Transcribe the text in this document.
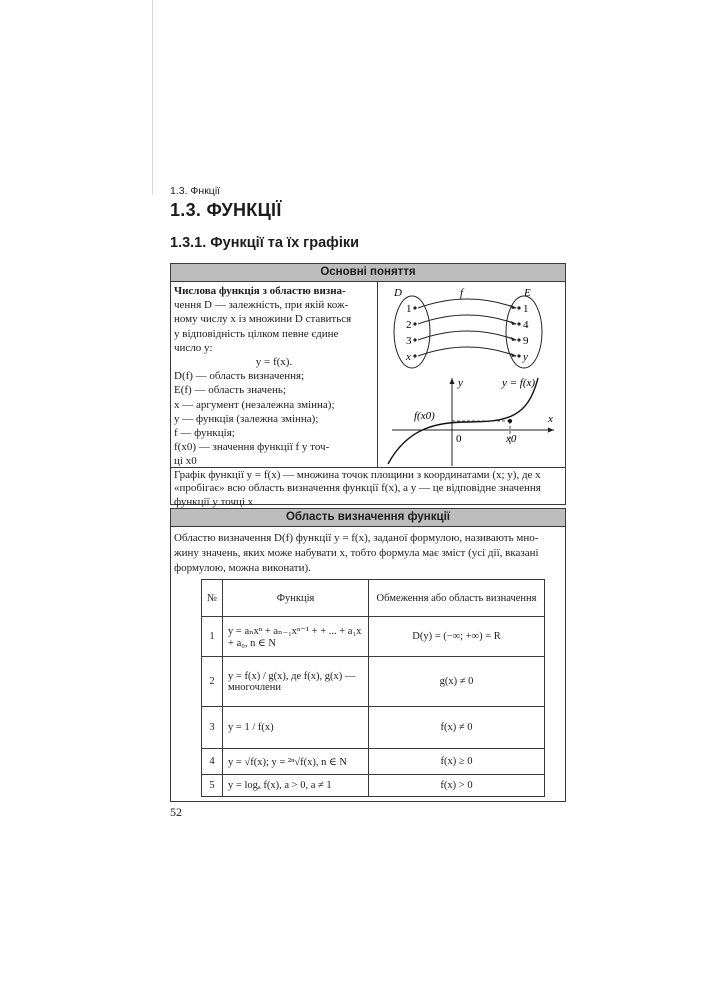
1.3. Фнкції
1.3. ФУНКЦІЇ
1.3.1. Функції та їх графіки
Основні поняття

Числова функція з областю визна-

чення D — залежність, при якій кож-

ному числу x із множини D ставиться

у відповідність цілком певне єдине

число y:

y = f(x).

D(f) — область визначення;

E(f) — область значень;

x — аргумент (незалежна змінна);

y — функція (залежна змінна);

f — функція;

f(x0) — значення функції f у точ-

ці x0

D	f	E
1
2
3
x
1
4
9
y
y
x
0
y = f(x)
f(x0)
x0

Графік функції y = f(x) — множина точок площини з координатами (x; y), де x

«пробігає» всю область визначення функції f(x), а y — це відповідне значення

функції у точці x

Область визначення функції

Областю визначення D(f) функції y = f(x), заданої формулою, називають мно-

жину значень, яких може набувати x, тобто формула має зміст (усі дії, вказані

формулою, можна виконати).

№	Функція	Обмеження або область визначення
1	y = aₙxⁿ + aₙ₋₁xⁿ⁻¹ + + ... + a₁x + a₀, n ∈ N	D(y) = (−∞; +∞) = R
2	y = f(x) / g(x), де f(x), g(x) — многочлени	g(x) ≠ 0
3	y = 1 / f(x)	f(x) ≠ 0
4	y = √f(x); y = ²ⁿ√f(x), n ∈ N	f(x) ≥ 0
5	y = logₐ f(x), a > 0, a ≠ 1	f(x) > 0
52
